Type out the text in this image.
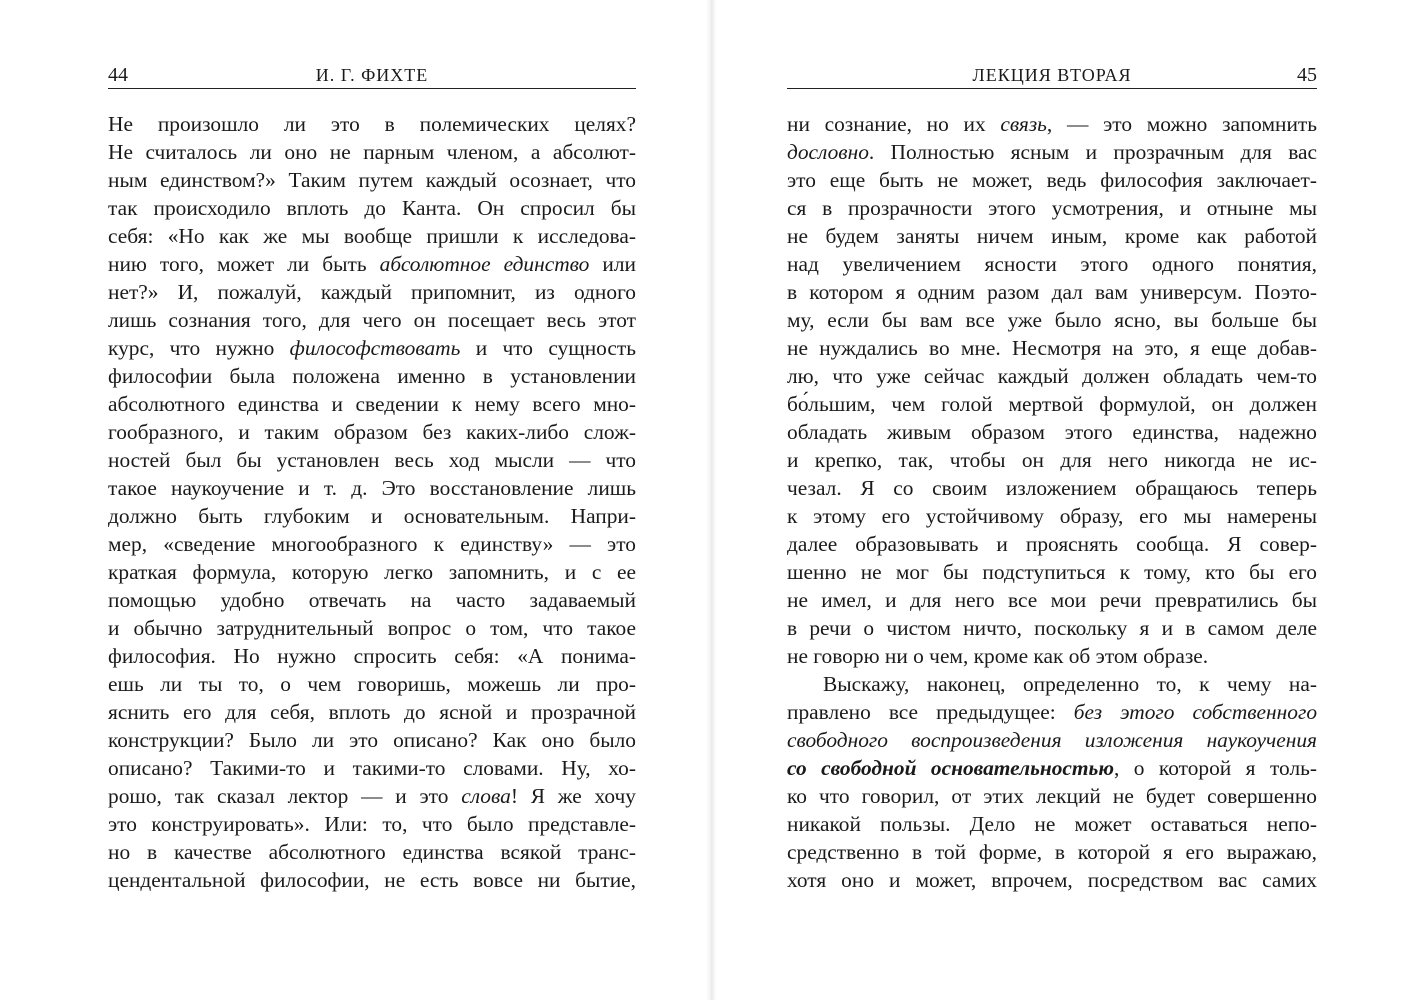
44	И. Г. ФИХТЕ
Не произошло ли это в полемических целях?
Не считалось ли оно не парным членом, а абсолют-
ным единством?» Таким путем каждый осознает, что
так происходило вплоть до Канта. Он спросил бы
себя: «Но как же мы вообще пришли к исследова-
нию того, может ли быть абсолютное единство или
нет?» И, пожалуй, каждый припомнит, из одного
лишь сознания того, для чего он посещает весь этот
курс, что нужно философствовать и что сущность
философии была положена именно в установлении
абсолютного единства и сведении к нему всего мно-
гообразного, и таким образом без каких-либо слож-
ностей был бы установлен весь ход мысли — что
такое наукоучение и т. д. Это восстановление лишь
должно быть глубоким и основательным. Напри-
мер, «сведение многообразного к единству» — это
краткая формула, которую легко запомнить, и с ее
помощью удобно отвечать на часто задаваемый
и обычно затруднительный вопрос о том, что такое
философия. Но нужно спросить себя: «А понима-
ешь ли ты то, о чем говоришь, можешь ли про-
яснить его для себя, вплоть до ясной и прозрачной
конструкции? Было ли это описано? Как оно было
описано? Такими-то и такими-то словами. Ну, хо-
рошо, так сказал лектор — и это слова! Я же хочу
это конструировать». Или: то, что было представле-
но в качестве абсолютного единства всякой транс-
цендентальной философии, не есть вовсе ни бытие,
ЛЕКЦИЯ ВТОРАЯ	45
ни сознание, но их связь, — это можно запомнить
дословно. Полностью ясным и прозрачным для вас
это еще быть не может, ведь философия заключает-
ся в прозрачности этого усмотрения, и отныне мы
не будем заняты ничем иным, кроме как работой
над увеличением ясности этого одного понятия,
в котором я одним разом дал вам универсум. Поэто-
му, если бы вам все уже было ясно, вы больше бы
не нуждались во мне. Несмотря на это, я еще добав-
лю, что уже сейчас каждый должен обладать чем-то
бо́льшим, чем голой мертвой формулой, он должен
обладать живым образом этого единства, надежно
и крепко, так, чтобы он для него никогда не ис-
чезал. Я со своим изложением обращаюсь теперь
к этому его устойчивому образу, его мы намерены
далее образовывать и прояснять сообща. Я совер-
шенно не мог бы подступиться к тому, кто бы его
не имел, и для него все мои речи превратились бы
в речи о чистом ничто, поскольку я и в самом деле
не говорю ни о чем, кроме как об этом образе.
Выскажу, наконец, определенно то, к чему на-
правлено все предыдущее: без этого собственного
свободного воспроизведения изложения наукоучения
со свободной основательностью, о которой я толь-
ко что говорил, от этих лекций не будет совершенно
никакой пользы. Дело не может оставаться непо-
средственно в той форме, в которой я его выражаю,
хотя оно и может, впрочем, посредством вас самих
